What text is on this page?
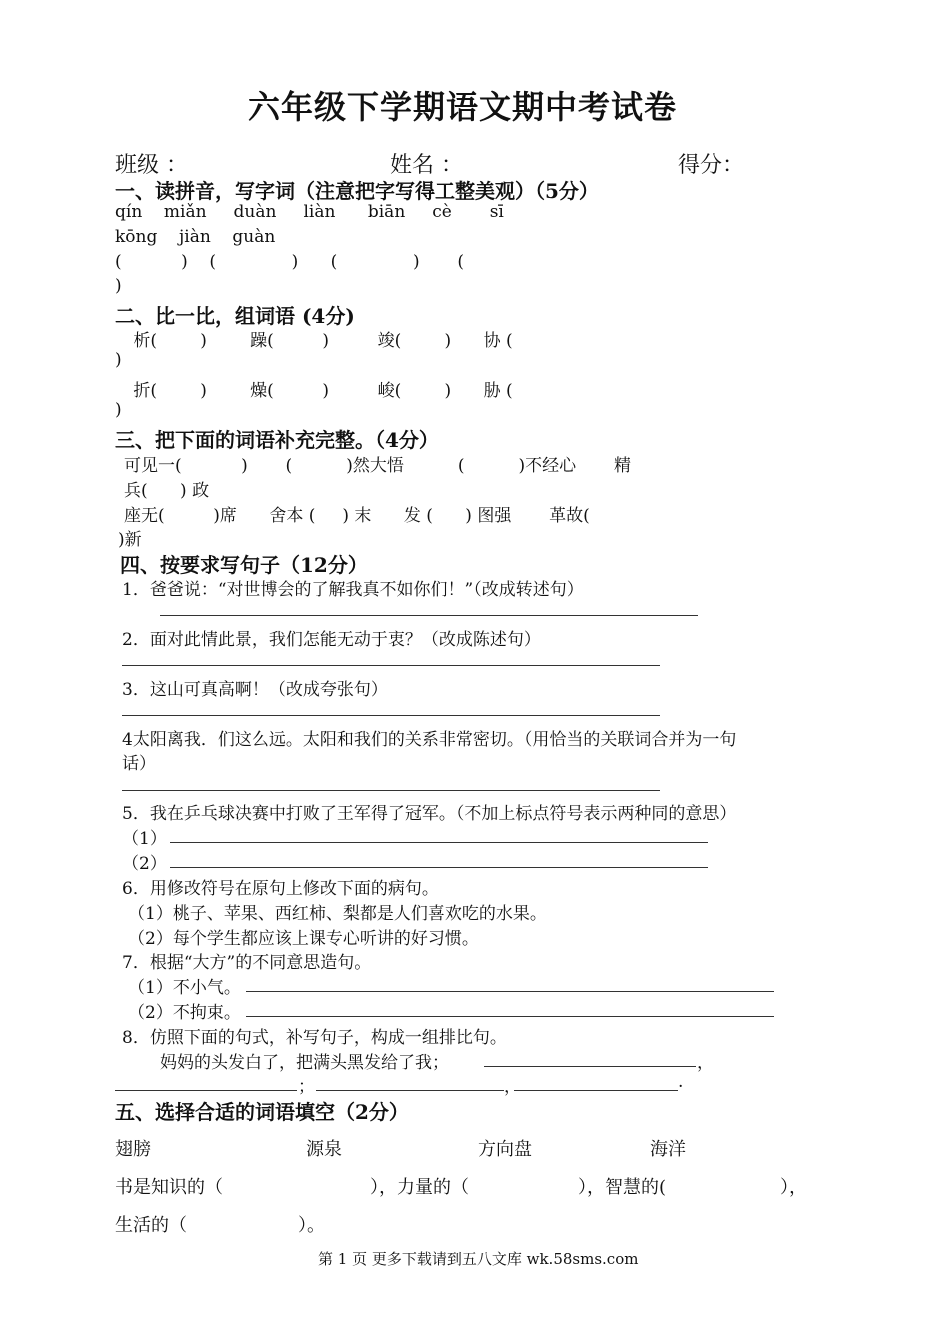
六年级下学期语文期中考试卷
班级 ：	姓名 ：	得分：
一、读拼音，写字词（注意把字写得工整美观）（5分）
qín    miǎn     duàn     liàn      biān     cè       sī
kōng    jiàn    guàn
(           )    (              )      (              )       (
)
二、比一比，组词语 (4分)
析(        )        躁(         )         竣(        )      协 (
)
折(        )        燥(         )         峻(        )      胁 (
)
三、把下面的词语补充完整。（4分）
可见一(           )       (          )然大悟          (          )不经心       精
兵(      ) 政
座无(         )席      舍本 (     ) 末      发 (      ) 图强       革故(
)新
四、按要求写句子（12分）
1．爸爸说：“对世博会的了解我真不如你们！”（改成转述句）
2．面对此情此景，我们怎能无动于衷？（改成陈述句）
3．这山可真高啊！（改成夸张句）
4太阳离我．们这么远。太阳和我们的关系非常密切。（用恰当的关联词合并为一句
话）
5．我在乒乓球决赛中打败了王军得了冠军。（不加上标点符号表示两种同的意思）
（1）
（2）
6．用修改符号在原句上修改下面的病句。
（1）桃子、苹果、西红柿、梨都是人们喜欢吃的水果。
（2）每个学生都应该上课专心听讲的好习惯。
7．根据“大方”的不同意思造句。
（1）不小气。
（2）不拘束。
8．仿照下面的句式，补写句子，构成一组排比句。
妈妈的头发白了，把满头黑发给了我；	，
；	，	.
五、选择合适的词语填空（2分）
翅膀	源泉	方向盘	海洋
书是知识的（	），力量的（	），智慧的(	），
生活的（	）。
第 1 页 更多下载请到五八文库 wk.58sms.com
